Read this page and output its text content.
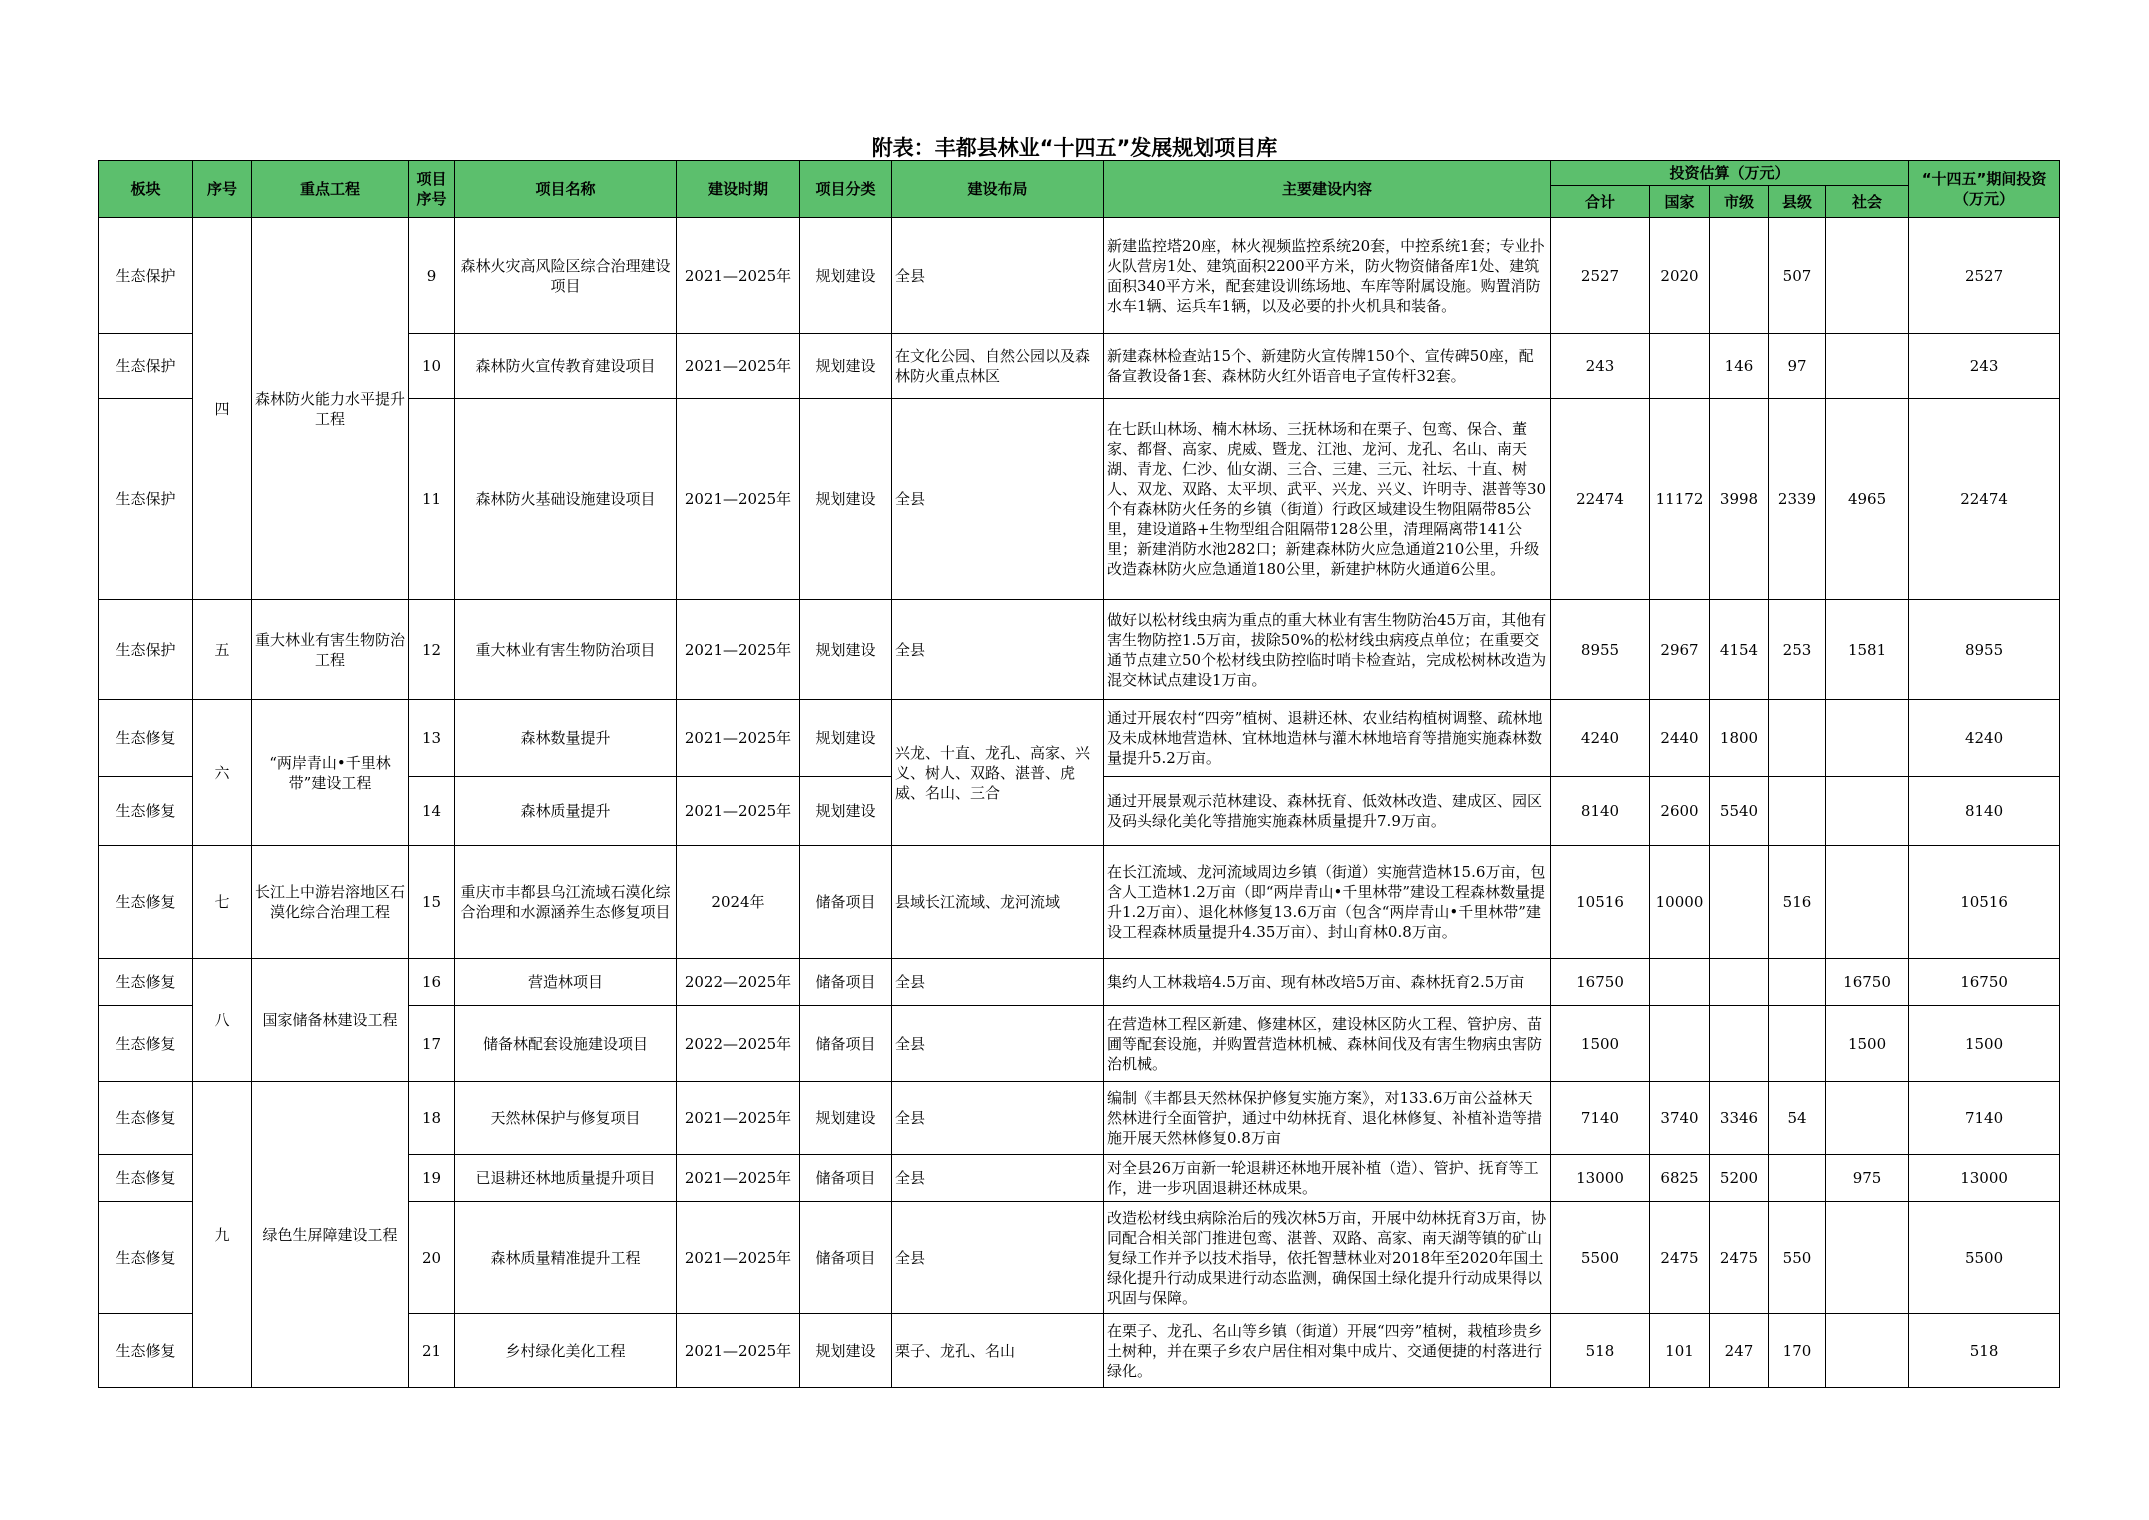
附表：丰都县林业“十四五”发展规划项目库
板块	序号	重点工程	项目序号	项目名称	建设时期	项目分类	建设布局	主要建设内容	投资估算（万元）					“十四五”期间投资（万元）
									合计	国家	市级	县级	社会	
生态保护	四	森林防火能力水平提升工程	9	森林火灾高风险区综合治理建设项目	2021—2025年	规划建设	全县	新建监控塔20座，林火视频监控系统20套，中控系统1套；专业扑火队营房1处、建筑面积2200平方米，防火物资储备库1处、建筑面积340平方米，配套建设训练场地、车库等附属设施。购置消防水车1辆、运兵车1辆，以及必要的扑火机具和装备。	2527	2020		507		2527
生态保护			10	森林防火宣传教育建设项目	2021—2025年	规划建设	在文化公园、自然公园以及森林防火重点林区	新建森林检查站15个、新建防火宣传牌150个、宣传碑50座，配备宣教设备1套、森林防火红外语音电子宣传杆32套。	243		146	97		243
生态保护			11	森林防火基础设施建设项目	2021—2025年	规划建设	全县	在七跃山林场、楠木林场、三抚林场和在栗子、包鸾、保合、董家、都督、高家、虎威、暨龙、江池、龙河、龙孔、名山、南天湖、青龙、仁沙、仙女湖、三合、三建、三元、社坛、十直、树人、双龙、双路、太平坝、武平、兴龙、兴义、许明寺、湛普等30个有森林防火任务的乡镇（街道）行政区域建设生物阻隔带85公里，建设道路+生物型组合阻隔带128公里，清理隔离带141公里；新建消防水池282口；新建森林防火应急通道210公里，升级改造森林防火应急通道180公里，新建护林防火通道6公里。	22474	11172	3998	2339	4965	22474
生态保护	五	重大林业有害生物防治工程	12	重大林业有害生物防治项目	2021—2025年	规划建设	全县	做好以松材线虫病为重点的重大林业有害生物防治45万亩，其他有害生物防控1.5万亩，拔除50%的松材线虫病疫点单位；在重要交通节点建立50个松材线虫防控临时哨卡检查站，完成松树林改造为混交林试点建设1万亩。	8955	2967	4154	253	1581	8955
生态修复	六	“两岸青山•千里林带”建设工程	13	森林数量提升	2021—2025年	规划建设	兴龙、十直、龙孔、高家、兴义、树人、双路、湛普、虎威、名山、三合	通过开展农村“四旁”植树、退耕还林、农业结构植树调整、疏林地及未成林地营造林、宜林地造林与灌木林地培育等措施实施森林数量提升5.2万亩。	4240	2440	1800			4240
生态修复			14	森林质量提升	2021—2025年	规划建设		通过开展景观示范林建设、森林抚育、低效林改造、建成区、园区及码头绿化美化等措施实施森林质量提升7.9万亩。	8140	2600	5540			8140
生态修复	七	长江上中游岩溶地区石漠化综合治理工程	15	重庆市丰都县乌江流域石漠化综合治理和水源涵养生态修复项目	2024年	储备项目	县域长江流域、龙河流域	在长江流域、龙河流域周边乡镇（街道）实施营造林15.6万亩，包含人工造林1.2万亩（即“两岸青山•千里林带”建设工程森林数量提升1.2万亩）、退化林修复13.6万亩（包含“两岸青山•千里林带”建设工程森林质量提升4.35万亩）、封山育林0.8万亩。	10516	10000		516		10516
生态修复	八	国家储备林建设工程	16	营造林项目	2022—2025年	储备项目	全县	集约人工林栽培4.5万亩、现有林改培5万亩、森林抚育2.5万亩	16750				16750	16750
生态修复			17	储备林配套设施建设项目	2022—2025年	储备项目	全县	在营造林工程区新建、修建林区，建设林区防火工程、管护房、苗圃等配套设施，并购置营造林机械、森林间伐及有害生物病虫害防治机械。	1500				1500	1500
生态修复	九	绿色生屏障建设工程	18	天然林保护与修复项目	2021—2025年	规划建设	全县	编制《丰都县天然林保护修复实施方案》，对133.6万亩公益林天然林进行全面管护，通过中幼林抚育、退化林修复、补植补造等措施开展天然林修复0.8万亩	7140	3740	3346	54		7140
生态修复			19	已退耕还林地质量提升项目	2021—2025年	储备项目	全县	对全县26万亩新一轮退耕还林地开展补植（造）、管护、抚育等工作，进一步巩固退耕还林成果。	13000	6825	5200		975	13000
生态修复			20	森林质量精准提升工程	2021—2025年	储备项目	全县	改造松材线虫病除治后的残次林5万亩，开展中幼林抚育3万亩，协同配合相关部门推进包鸾、湛普、双路、高家、南天湖等镇的矿山复绿工作并予以技术指导，依托智慧林业对2018年至2020年国土绿化提升行动成果进行动态监测，确保国土绿化提升行动成果得以巩固与保障。	5500	2475	2475	550		5500
生态修复			21	乡村绿化美化工程	2021—2025年	规划建设	栗子、龙孔、名山	在栗子、龙孔、名山等乡镇（街道）开展“四旁”植树，栽植珍贵乡土树种，并在栗子乡农户居住相对集中成片、交通便捷的村落进行绿化。	518	101	247	170		518
